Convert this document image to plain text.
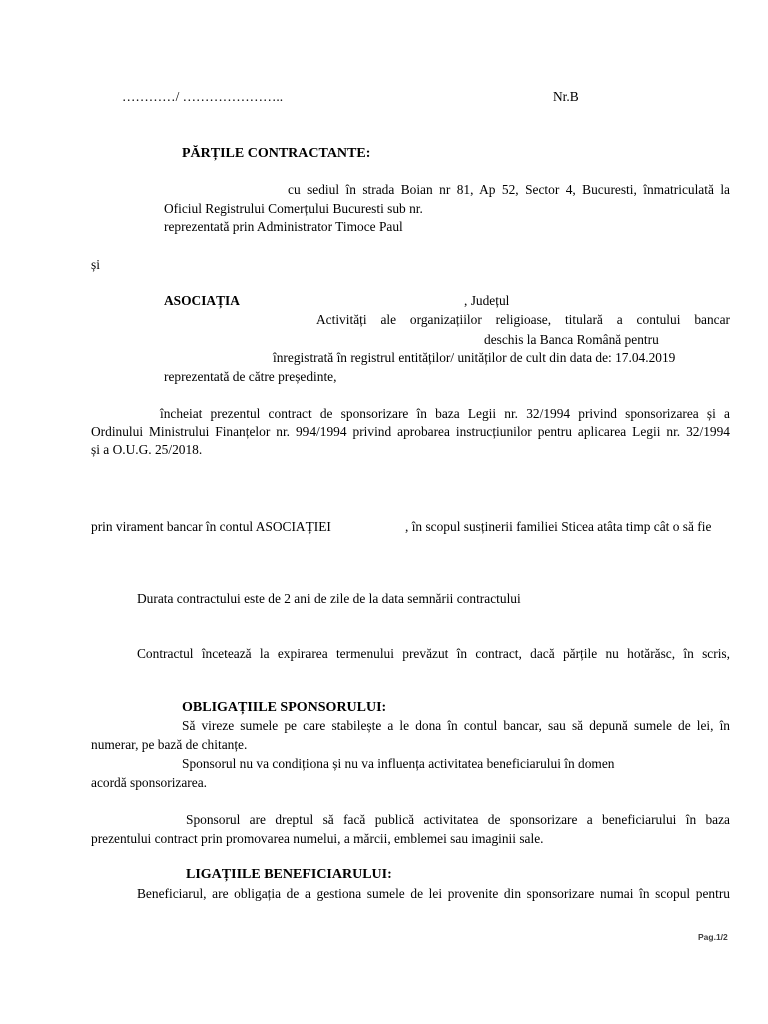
…………/ …………………..	Nr.B
PĂRȚILE CONTRACTANTE:
cu sediul în strada Boian nr 81, Ap 52, Sector 4, Bucuresti, înmatriculată la
Oficiul Registrului Comerțului Bucuresti sub nr.
reprezentată prin Administrator Timoce Paul
și
ASOCIAȚIA	, Județul
Activități ale organizațiilor religioase, titulară a contului bancar
deschis la Banca Română pentru
înregistrată în registrul entităților/ unităților de cult din data de: 17.04.2019
reprezentată de către președinte,
încheiat prezentul contract de sponsorizare în baza Legii nr. 32/1994 privind sponsorizarea și a
Ordinului Ministrului Finanțelor nr. 994/1994 privind aprobarea instrucțiunilor pentru aplicarea Legii nr. 32/1994
și a O.U.G. 25/2018.
prin virament bancar în contul ASOCIAȚIEI	, în scopul susținerii familiei Sticea atâta timp cât o să fie
Durata contractului este de 2 ani de zile de la data semnării contractului
Contractul încetează la expirarea termenului prevăzut în contract, dacă părțile nu hotărăsc, în scris,
OBLIGAȚIILE SPONSORULUI:
Să vireze sumele pe care stabilește a le dona în contul bancar, sau să depună sumele de lei, în
numerar, pe bază de chitanțe.
Sponsorul nu va condiționa și nu va influența activitatea beneficiarului în domen
acordă sponsorizarea.
Sponsorul are dreptul să facă publică activitatea de sponsorizare a beneficiarului în baza
prezentului contract prin promovarea numelui, a mărcii, emblemei sau imaginii sale.
LIGAȚIILE BENEFICIARULUI:
Beneficiarul, are obligația de a gestiona sumele de lei provenite din sponsorizare numai în scopul pentru
Pag.1/2
